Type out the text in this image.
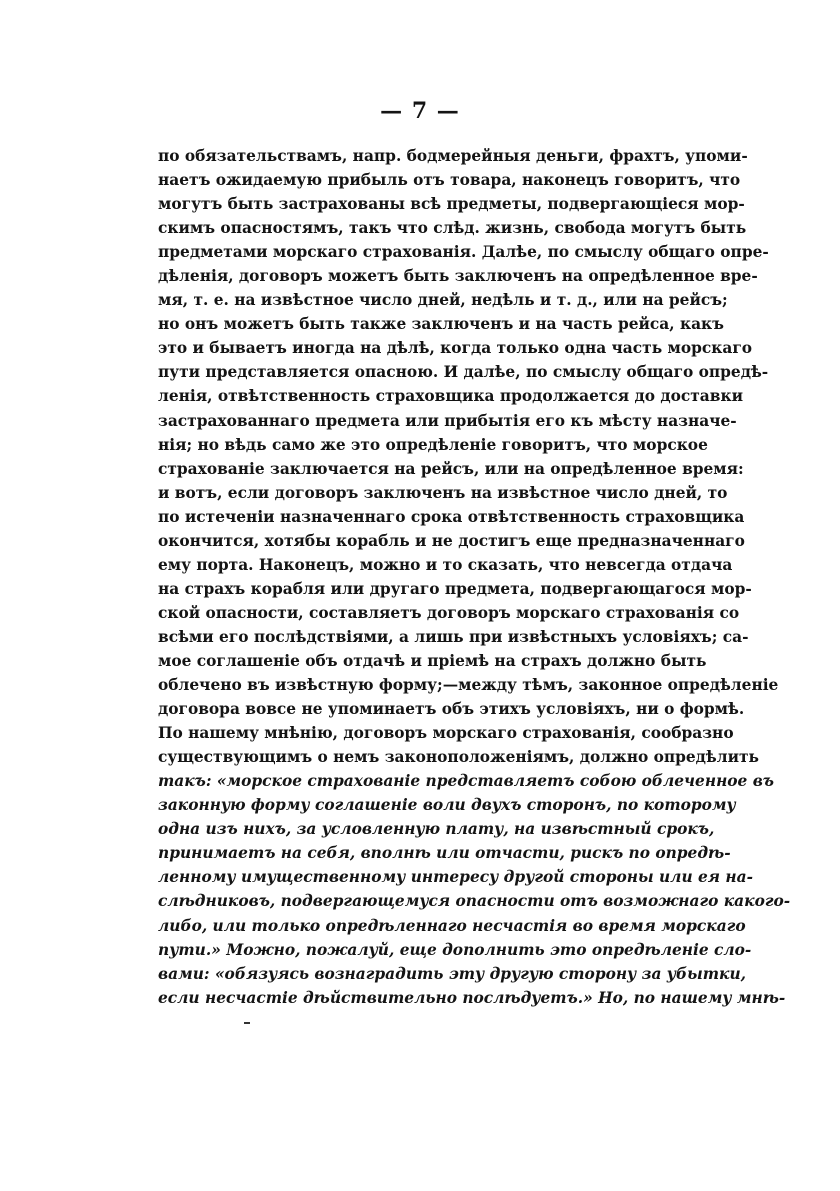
— 7 —
по обязательствамъ, напр. бодмерейныя деньги, фрахтъ, упоми-
наетъ ожидаемую прибыль отъ товара, наконецъ говоритъ, что
могутъ быть застрахованы всѣ предметы, подвергающіеся мор-
скимъ опасностямъ, такъ что слѣд. жизнь, свобода могутъ быть
предметами морскаго страхованія. Далѣе, по смыслу общаго опре-
дѣленія, договоръ можетъ быть заключенъ на опредѣленное вре-
мя, т. е. на извѣстное число дней, недѣль и т. д., или на рейсъ;
но онъ можетъ быть также заключенъ и на часть рейса, какъ
это и бываетъ иногда на дѣлѣ, когда только одна часть морскаго
пути представляется опасною. И далѣе, по смыслу общаго опредѣ-
ленія, отвѣтственность страховщика продолжается до доставки
застрахованнаго предмета или прибытія его къ мѣсту назначе-
нія; но вѣдь само же это опредѣленіе говоритъ, что морское
страхованіе заключается на рейсъ, или на опредѣленное время:
и вотъ, если договоръ заключенъ на извѣстное число дней, то
по истеченіи назначеннаго срока отвѣтственность страховщика
окончится, хотябы корабль и не достигъ еще предназначеннаго
ему порта. Наконецъ, можно и то сказать, что невсегда отдача
на страхъ корабля или другаго предмета, подвергающагося мор-
ской опасности, составляетъ договоръ морскаго страхованія со
всѣми его послѣдствіями, а лишь при извѣстныхъ условіяхъ; са-
мое соглашеніе объ отдачѣ и пріемѣ на страхъ должно быть
облечено въ извѣстную форму;—между тѣмъ, законное опредѣленіе
договора вовсе не упоминаетъ объ этихъ условіяхъ, ни о формѣ.
По нашему мнѣнію, договоръ морскаго страхованія, сообразно
существующимъ о немъ законоположеніямъ, должно опредѣлить
такъ: «морское страхованіе представляетъ собою облеченное въ
законную форму соглашеніе воли двухъ сторонъ, по которому
одна изъ нихъ, за условленную плату, на извѣстный срокъ,
принимаетъ на себя, вполнѣ или отчасти, рискъ по опредѣ-
ленному имущественному интересу другой стороны или ея на-
слѣдниковъ, подвергающемуся опасности отъ возможнаго какого-
либо, или только опредѣленнаго несчастія во время морскаго
пути.» Можно, пожалуй, еще дополнить это опредѣленіе сло-
вами: «обязуясь вознаградить эту другую сторону за убытки,
если несчастіе дѣйствительно послѣдуетъ.» Но, по нашему мнѣ-
